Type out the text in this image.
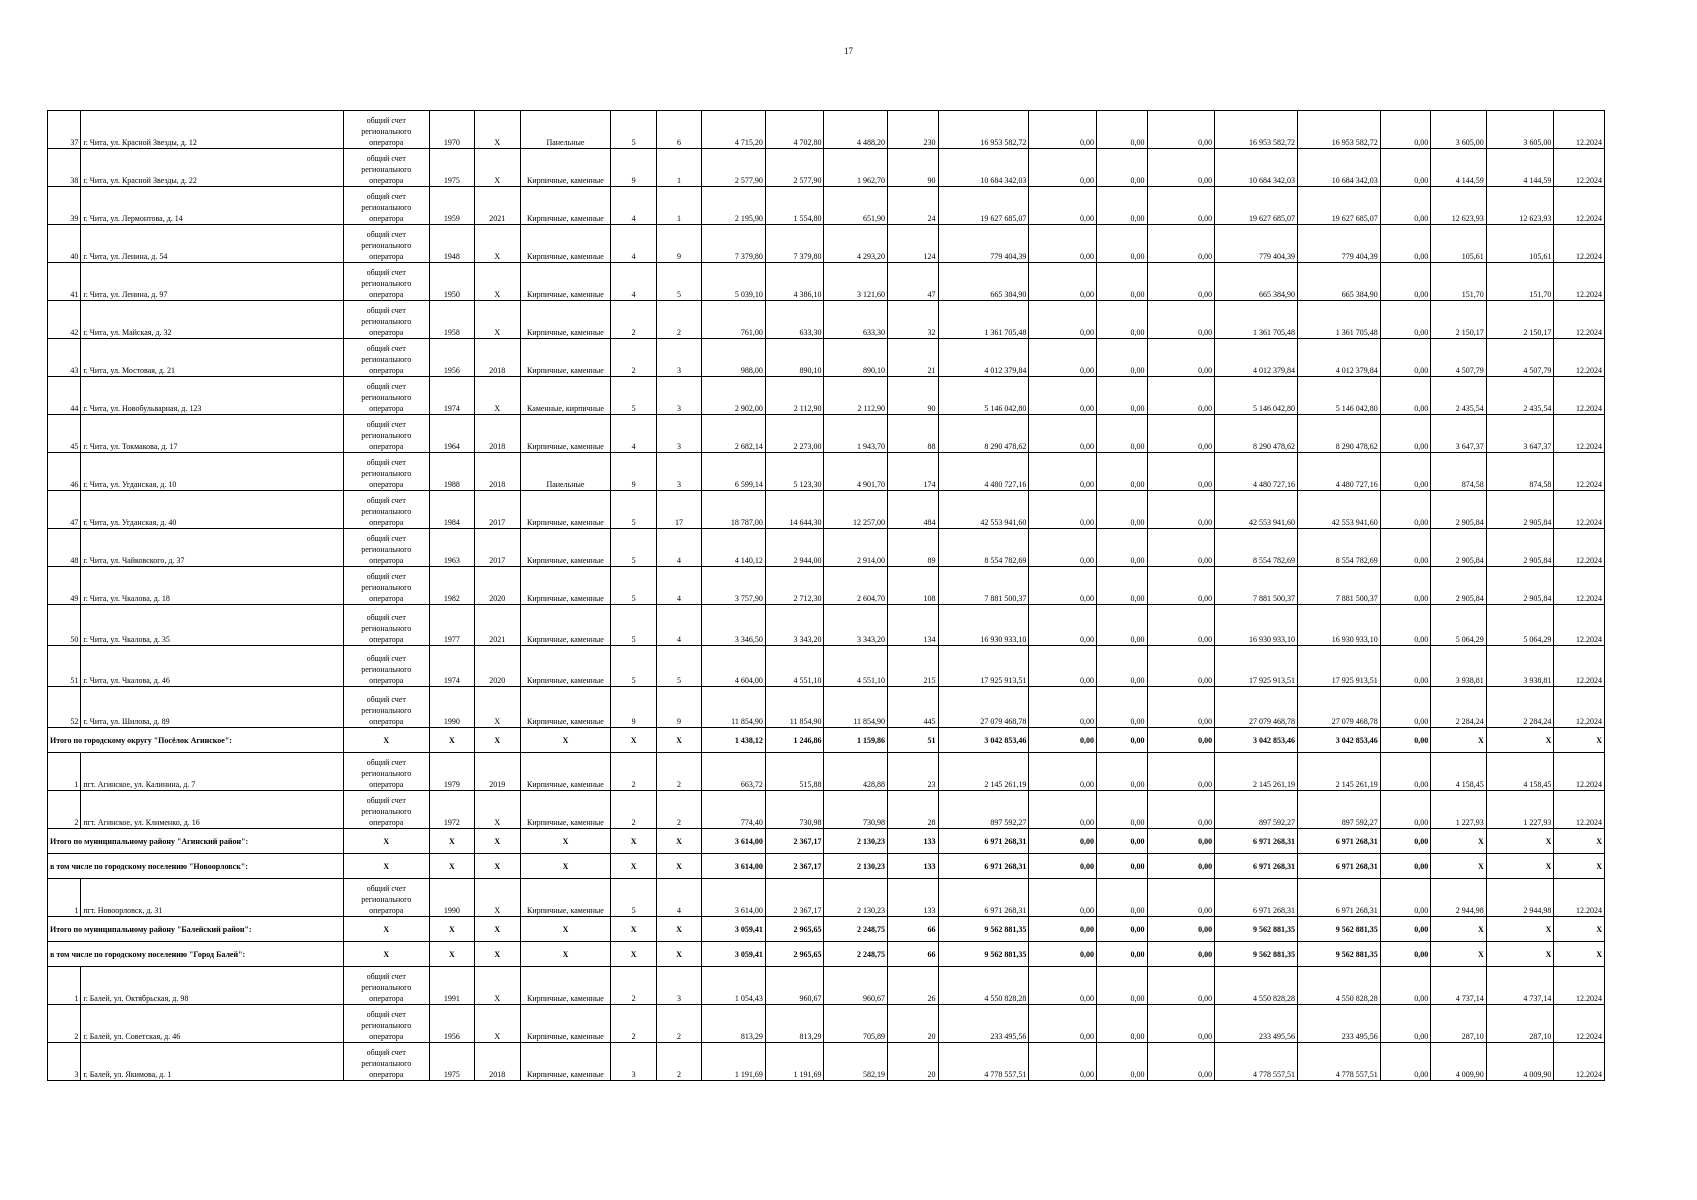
17
37	г. Чита, ул. Красной Звезды, д. 12	общий счет регионального оператора	1970	X	Панельные	5	6	4 715,20	4 702,80	4 488,20	230	16 953 582,72	0,00	0,00	0,00	16 953 582,72	16 953 582,72	0,00	3 605,00	3 605,00	12.2024
38	г. Чита, ул. Красной Звезды, д. 22	общий счет регионального оператора	1975	X	Кирпичные, каменные	9	1	2 577,90	2 577,90	1 962,70	90	10 684 342,03	0,00	0,00	0,00	10 684 342,03	10 684 342,03	0,00	4 144,59	4 144,59	12.2024
39	г. Чита, ул. Лермонтова, д. 14	общий счет регионального оператора	1959	2021	Кирпичные, каменные	4	1	2 195,90	1 554,80	651,90	24	19 627 685,07	0,00	0,00	0,00	19 627 685,07	19 627 685,07	0,00	12 623,93	12 623,93	12.2024
40	г. Чита, ул. Ленина, д. 54	общий счет регионального оператора	1948	X	Кирпичные, каменные	4	9	7 379,80	7 379,80	4 293,20	124	779 404,39	0,00	0,00	0,00	779 404,39	779 404,39	0,00	105,61	105,61	12.2024
41	г. Чита, ул. Ленина, д. 97	общий счет регионального оператора	1950	X	Кирпичные, каменные	4	5	5 039,10	4 386,10	3 121,60	47	665 384,90	0,00	0,00	0,00	665 384,90	665 384,90	0,00	151,70	151,70	12.2024
42	г. Чита, ул. Майская, д. 32	общий счет регионального оператора	1958	X	Кирпичные, каменные	2	2	761,00	633,30	633,30	32	1 361 705,48	0,00	0,00	0,00	1 361 705,48	1 361 705,48	0,00	2 150,17	2 150,17	12.2024
43	г. Чита, ул. Мостовая, д. 21	общий счет регионального оператора	1956	2018	Кирпичные, каменные	2	3	988,00	890,10	890,10	21	4 012 379,84	0,00	0,00	0,00	4 012 379,84	4 012 379,84	0,00	4 507,79	4 507,79	12.2024
44	г. Чита, ул. Новобульварная, д. 123	общий счет регионального оператора	1974	X	Каменные, кирпичные	5	3	2 902,00	2 112,90	2 112,90	90	5 146 042,80	0,00	0,00	0,00	5 146 042,80	5 146 042,80	0,00	2 435,54	2 435,54	12.2024
45	г. Чита, ул. Токмакова, д. 17	общий счет регионального оператора	1964	2018	Кирпичные, каменные	4	3	2 682,14	2 273,00	1 943,70	88	8 290 478,62	0,00	0,00	0,00	8 290 478,62	8 290 478,62	0,00	3 647,37	3 647,37	12.2024
46	г. Чита, ул. Угданская, д. 10	общий счет регионального оператора	1988	2018	Панельные	9	3	6 599,14	5 123,30	4 901,70	174	4 480 727,16	0,00	0,00	0,00	4 480 727,16	4 480 727,16	0,00	874,58	874,58	12.2024
47	г. Чита, ул. Угданская, д. 40	общий счет регионального оператора	1984	2017	Кирпичные, каменные	5	17	18 787,00	14 644,30	12 257,00	484	42 553 941,60	0,00	0,00	0,00	42 553 941,60	42 553 941,60	0,00	2 905,84	2 905,84	12.2024
48	г. Чита, ул. Чайковского, д. 37	общий счет регионального оператора	1963	2017	Кирпичные, каменные	5	4	4 140,12	2 944,00	2 914,00	89	8 554 782,69	0,00	0,00	0,00	8 554 782,69	8 554 782,69	0,00	2 905,84	2 905,84	12.2024
49	г. Чита, ул. Чкалова, д. 18	общий счет регионального оператора	1982	2020	Кирпичные, каменные	5	4	3 757,90	2 712,30	2 604,70	108	7 881 500,37	0,00	0,00	0,00	7 881 500,37	7 881 500,37	0,00	2 905,84	2 905,84	12.2024
50	г. Чита, ул. Чкалова, д. 35	общий счет регионального оператора	1977	2021	Кирпичные, каменные	5	4	3 346,50	3 343,20	3 343,20	134	16 930 933,10	0,00	0,00	0,00	16 930 933,10	16 930 933,10	0,00	5 064,29	5 064,29	12.2024
51	г. Чита, ул. Чкалова, д. 46	общий счет регионального оператора	1974	2020	Кирпичные, каменные	5	5	4 604,00	4 551,10	4 551,10	215	17 925 913,51	0,00	0,00	0,00	17 925 913,51	17 925 913,51	0,00	3 938,81	3 938,81	12.2024
52	г. Чита, ул. Шилова, д. 89	общий счет регионального оператора	1990	X	Кирпичные, каменные	9	9	11 854,90	11 854,90	11 854,90	445	27 079 468,78	0,00	0,00	0,00	27 079 468,78	27 079 468,78	0,00	2 284,24	2 284,24	12.2024
Итого по городскому округу "Посёлок Агинское":		X	X	X	X	X	X	1 438,12	1 246,86	1 159,86	51	3 042 853,46	0,00	0,00	0,00	3 042 853,46	3 042 853,46	0,00	X	X	X
1	пгт. Агинское, ул. Калинина, д. 7	общий счет регионального оператора	1979	2019	Кирпичные, каменные	2	2	663,72	515,88	428,88	23	2 145 261,19	0,00	0,00	0,00	2 145 261,19	2 145 261,19	0,00	4 158,45	4 158,45	12.2024
2	пгт. Агинское, ул. Клименко, д. 16	общий счет регионального оператора	1972	X	Кирпичные, каменные	2	2	774,40	730,98	730,98	28	897 592,27	0,00	0,00	0,00	897 592,27	897 592,27	0,00	1 227,93	1 227,93	12.2024
Итого по муниципальному району "Агинский район":		X	X	X	X	X	X	3 614,00	2 367,17	2 130,23	133	6 971 268,31	0,00	0,00	0,00	6 971 268,31	6 971 268,31	0,00	X	X	X
в том числе по городскому поселению "Новоорловск":		X	X	X	X	X	X	3 614,00	2 367,17	2 130,23	133	6 971 268,31	0,00	0,00	0,00	6 971 268,31	6 971 268,31	0,00	X	X	X
1	пгт. Новоорловск, д. 31	общий счет регионального оператора	1990	X	Кирпичные, каменные	5	4	3 614,00	2 367,17	2 130,23	133	6 971 268,31	0,00	0,00	0,00	6 971 268,31	6 971 268,31	0,00	2 944,98	2 944,98	12.2024
Итого по муниципальному району "Балейский район":		X	X	X	X	X	X	3 059,41	2 965,65	2 248,75	66	9 562 881,35	0,00	0,00	0,00	9 562 881,35	9 562 881,35	0,00	X	X	X
в том числе по городскому поселению "Город Балей":		X	X	X	X	X	X	3 059,41	2 965,65	2 248,75	66	9 562 881,35	0,00	0,00	0,00	9 562 881,35	9 562 881,35	0,00	X	X	X
1	г. Балей, ул. Октябрьская, д. 98	общий счет регионального оператора	1991	X	Кирпичные, каменные	2	3	1 054,43	960,67	960,67	26	4 550 828,28	0,00	0,00	0,00	4 550 828,28	4 550 828,28	0,00	4 737,14	4 737,14	12.2024
2	г. Балей, ул. Советская, д. 46	общий счет регионального оператора	1956	X	Кирпичные, каменные	2	2	813,29	813,29	705,89	20	233 495,56	0,00	0,00	0,00	233 495,56	233 495,56	0,00	287,10	287,10	12.2024
3	г. Балей, ул. Якимова, д. 1	общий счет регионального оператора	1975	2018	Кирпичные, каменные	3	2	1 191,69	1 191,69	582,19	20	4 778 557,51	0,00	0,00	0,00	4 778 557,51	4 778 557,51	0,00	4 009,90	4 009,90	12.2024
